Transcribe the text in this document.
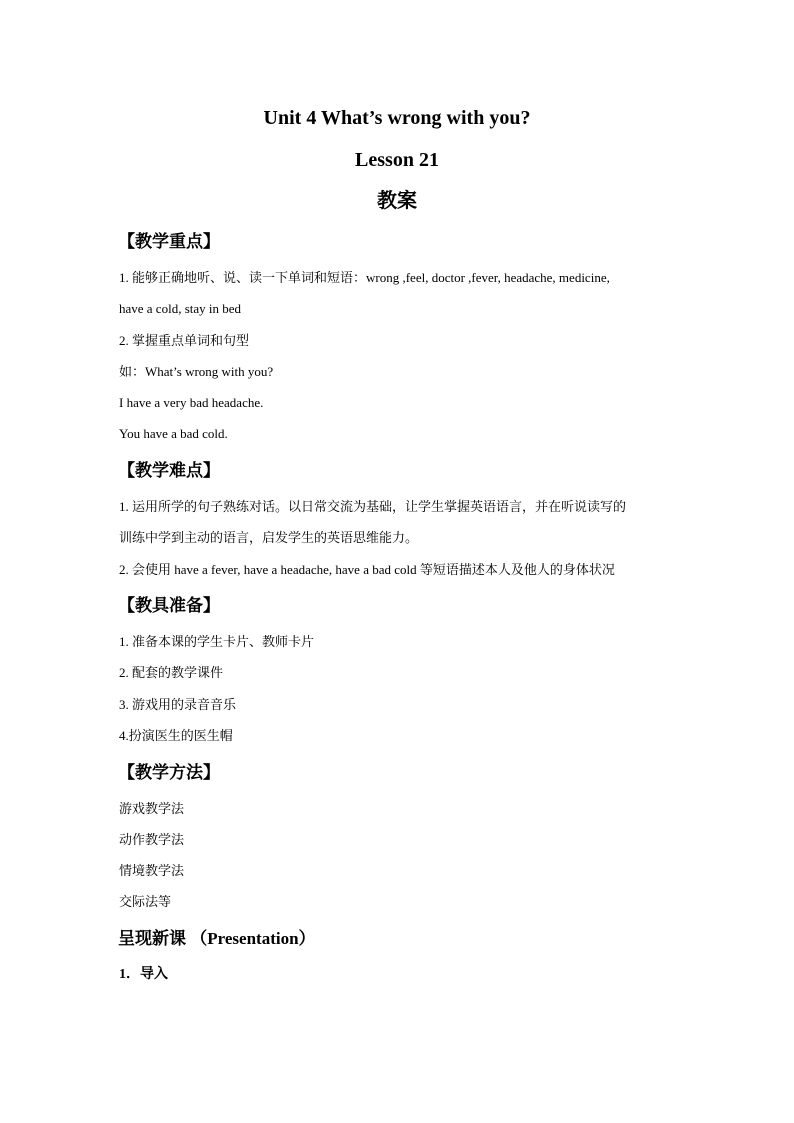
Unit 4 What’s wrong with you?
Lesson 21
教案
【教学重点】
1. 能够正确地听、说、读一下单词和短语：wrong ,feel, doctor ,fever, headache, medicine,
have a cold, stay in bed
2. 掌握重点单词和句型
如：What’s wrong with you?
I have a very bad headache.
You have a bad cold.
【教学难点】
1. 运用所学的句子熟练对话。以日常交流为基础，让学生掌握英语语言，并在听说读写的
训练中学到主动的语言，启发学生的英语思维能力。
2. 会使用 have a fever, have a headache, have a bad cold 等短语描述本人及他人的身体状况
【教具准备】
1. 准备本课的学生卡片、教师卡片
2. 配套的教学课件
3. 游戏用的录音音乐
4.扮演医生的医生帽
【教学方法】
游戏教学法
动作教学法
情境教学法
交际法等
呈现新课 （Presentation）
1．导入
